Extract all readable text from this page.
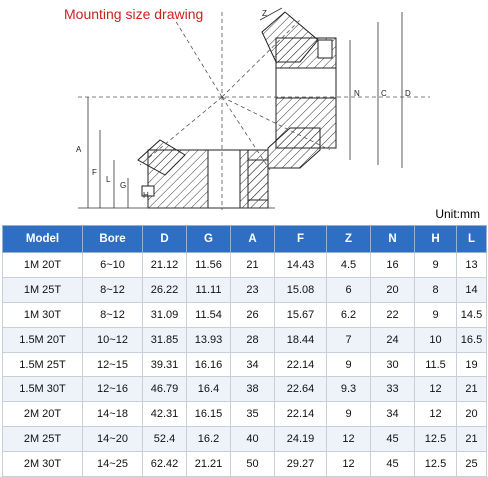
Mounting size drawing
A
F
L
G
H
N	C D
Z
Unit:mm
Model	Bore	D	G	A	F	Z	N	H	L
1M 20T	6~10	21.12	11.56	21	14.43	4.5	16	9	13
1M 25T	8~12	26.22	11.11	23	15.08	6	20	8	14
1M 30T	8~12	31.09	11.54	26	15.67	6.2	22	9	14.5
1.5M 20T	10~12	31.85	13.93	28	18.44	7	24	10	16.5
1.5M 25T	12~15	39.31	16.16	34	22.14	9	30	11.5	19
1.5M 30T	12~16	46.79	16.4	38	22.64	9.3	33	12	21
2M 20T	14~18	42.31	16.15	35	22.14	9	34	12	20
2M 25T	14~20	52.4	16.2	40	24.19	12	45	12.5	21
2M 30T	14~25	62.42	21.21	50	29.27	12	45	12.5	25
